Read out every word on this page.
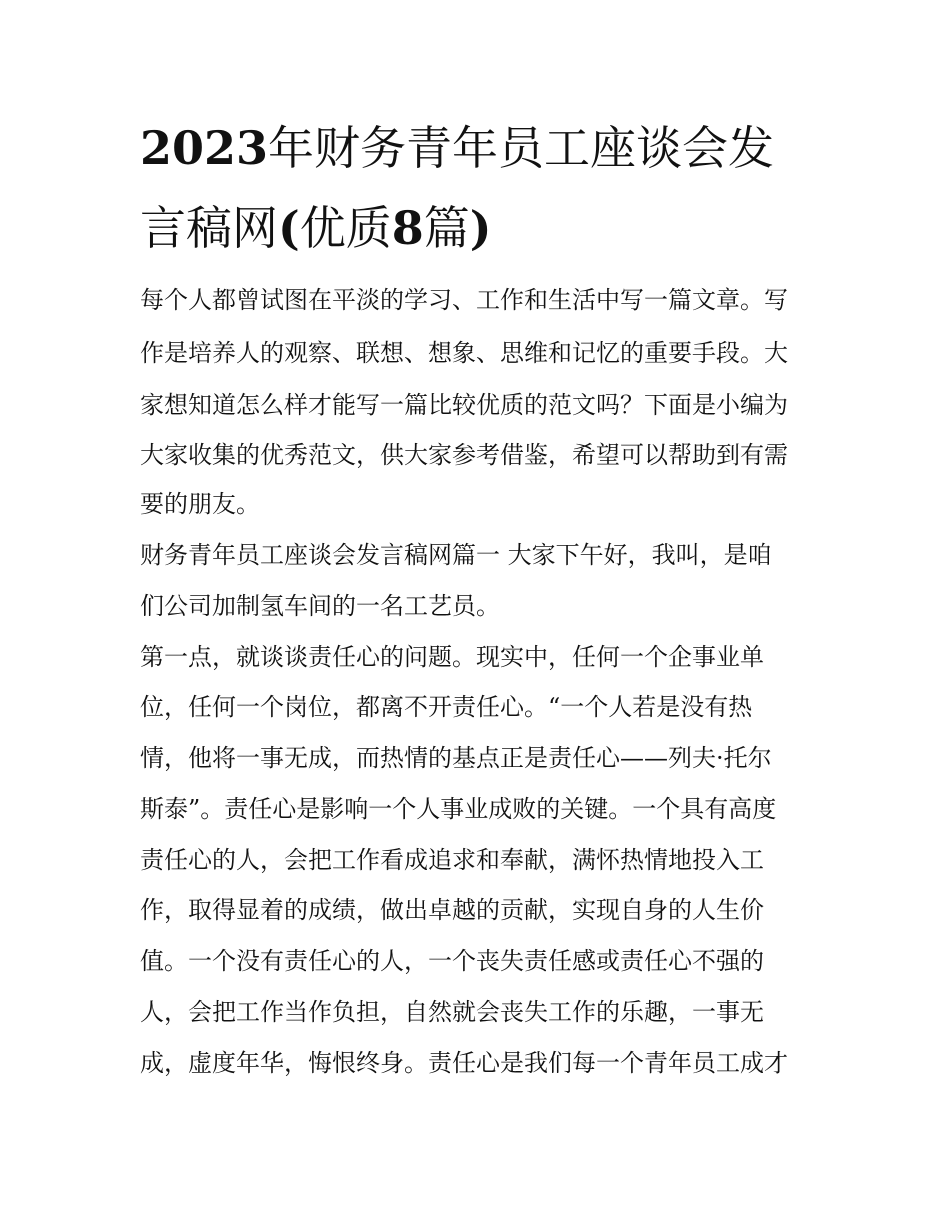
2023年财务青年员工座谈会发
言稿网(优质8篇)

每个人都曾试图在平淡的学习、工作和生活中写一篇文章。写

作是培养人的观察、联想、想象、思维和记忆的重要手段。大

家想知道怎么样才能写一篇比较优质的范文吗？下面是小编为

大家收集的优秀范文，供大家参考借鉴，希望可以帮助到有需

要的朋友。

财务青年员工座谈会发言稿网篇一 大家下午好，我叫，是咱

们公司加制氢车间的一名工艺员。

第一点，就谈谈责任心的问题。现实中，任何一个企事业单

位，任何一个岗位，都离不开责任心。“一个人若是没有热

情，他将一事无成，而热情的基点正是责任心——列夫·托尔

斯泰”。责任心是影响一个人事业成败的关键。一个具有高度

责任心的人，会把工作看成追求和奉献，满怀热情地投入工

作，取得显着的成绩，做出卓越的贡献，实现自身的人生价

值。一个没有责任心的人，一个丧失责任感或责任心不强的

人，会把工作当作负担，自然就会丧失工作的乐趣，一事无

成，虚度年华，悔恨终身。责任心是我们每一个青年员工成才
